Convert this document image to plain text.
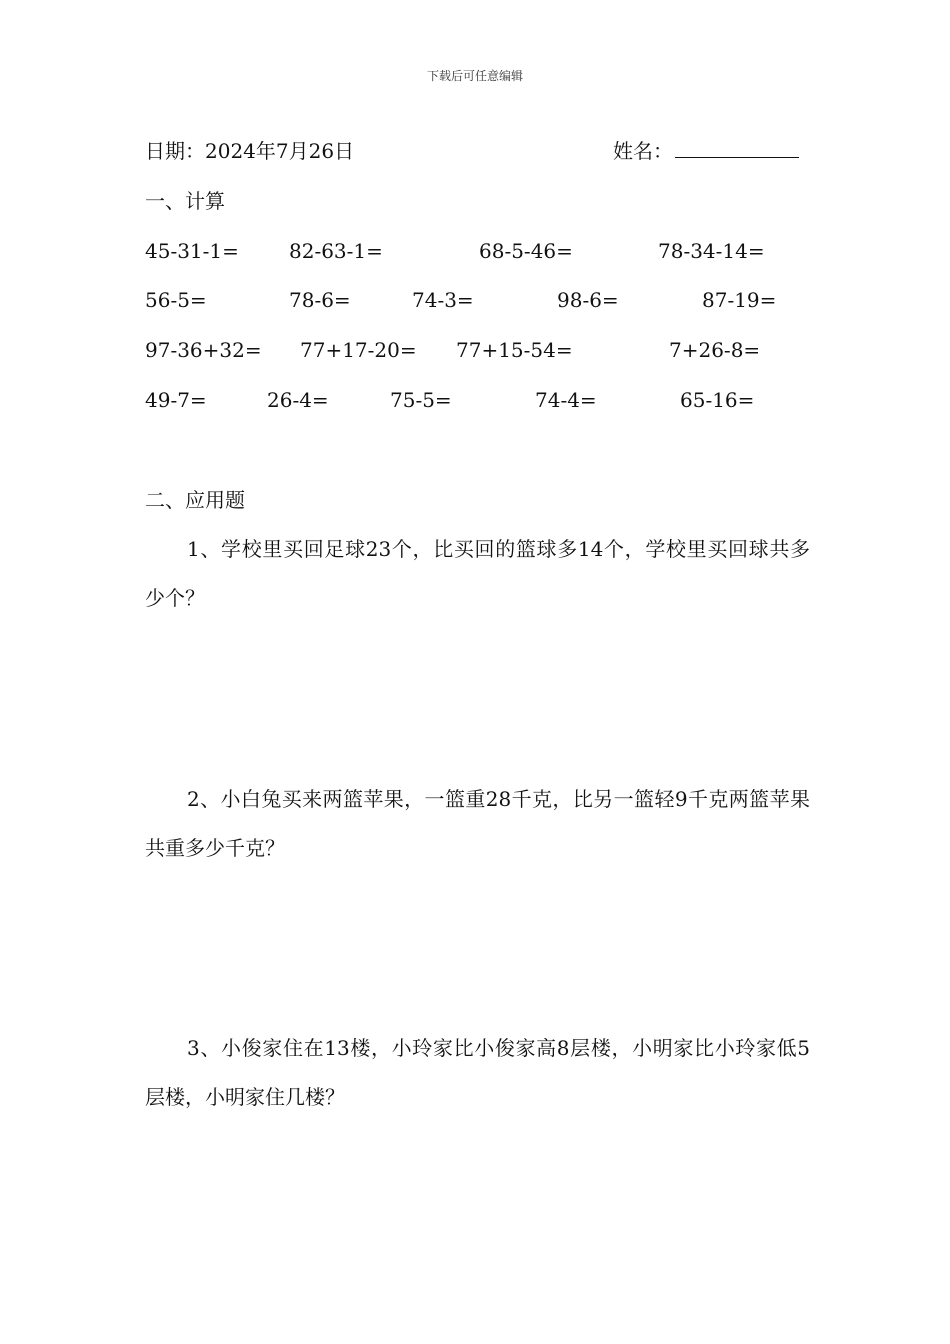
下载后可任意编辑
日期：2024年7月26日	姓名：
一、计算
45-31-1=	82-63-1=	68-5-46=	78-34-14=
56-5=	78-6=	74-3=	98-6=	87-19=
97-36+32= 77+17-20= 77+15-54=	7+26-8=
49-7=	26-4=	75-5=	74-4=	65-16=
二、应用题
1、学校里买回足球23个，比买回的篮球多14个，学校里买回球共多少个？
2、小白兔买来两篮苹果，一篮重28千克，比另一篮轻9千克两篮苹果共重多少千克？
3、小俊家住在13楼，小玲家比小俊家高8层楼，小明家比小玲家低5层楼，小明家住几楼？
